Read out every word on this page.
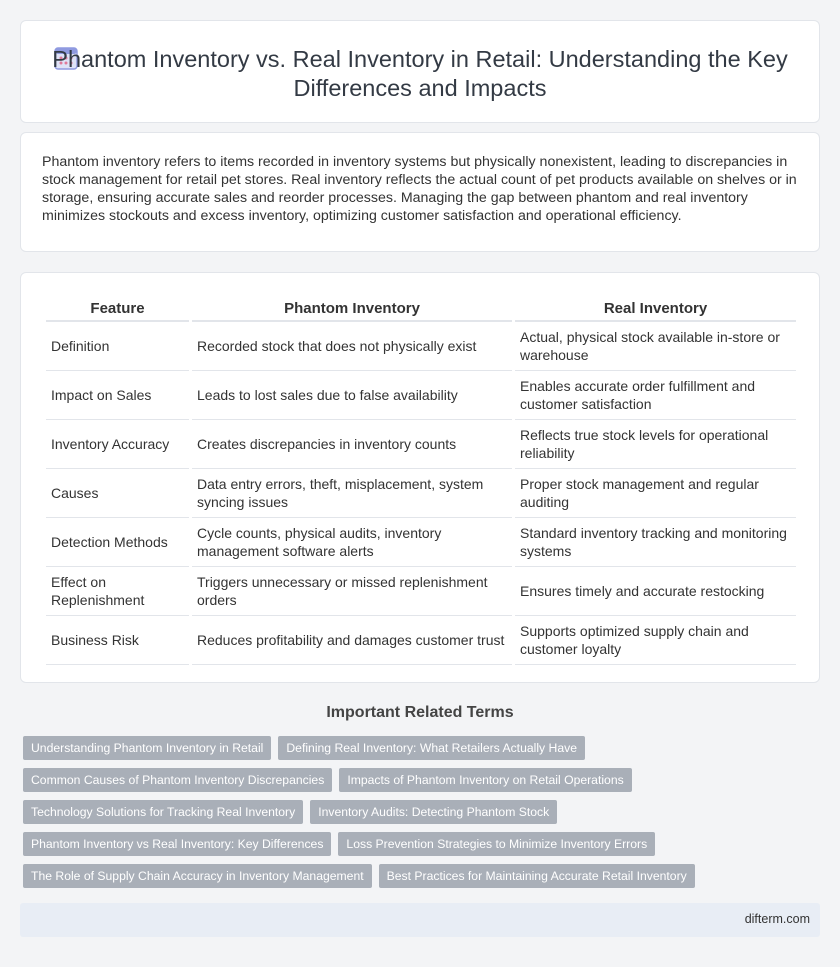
Phantom Inventory vs. Real Inventory in Retail: Understanding the Key Differences and Impacts

Phantom inventory refers to items recorded in inventory systems but physically nonexistent, leading to discrepancies in stock management for retail pet stores. Real inventory reflects the actual count of pet products available on shelves or in storage, ensuring accurate sales and reorder processes. Managing the gap between phantom and real inventory minimizes stockouts and excess inventory, optimizing customer satisfaction and operational efficiency.

Feature	Phantom Inventory	Real Inventory
Definition	Recorded stock that does not physically exist	Actual, physical stock available in-store or warehouse
Impact on Sales	Leads to lost sales due to false availability	Enables accurate order fulfillment and customer satisfaction
Inventory Accuracy	Creates discrepancies in inventory counts	Reflects true stock levels for operational reliability
Causes	Data entry errors, theft, misplacement, system syncing issues	Proper stock management and regular auditing
Detection Methods	Cycle counts, physical audits, inventory management software alerts	Standard inventory tracking and monitoring systems
Effect on Replenishment	Triggers unnecessary or missed replenishment orders	Ensures timely and accurate restocking
Business Risk	Reduces profitability and damages customer trust	Supports optimized supply chain and customer loyalty
Important Related Terms
Understanding Phantom Inventory in Retail	Defining Real Inventory: What Retailers Actually Have
Common Causes of Phantom Inventory Discrepancies	Impacts of Phantom Inventory on Retail Operations
Technology Solutions for Tracking Real Inventory	Inventory Audits: Detecting Phantom Stock
Phantom Inventory vs Real Inventory: Key Differences	Loss Prevention Strategies to Minimize Inventory Errors
The Role of Supply Chain Accuracy in Inventory Management	Best Practices for Maintaining Accurate Retail Inventory
difterm.com
